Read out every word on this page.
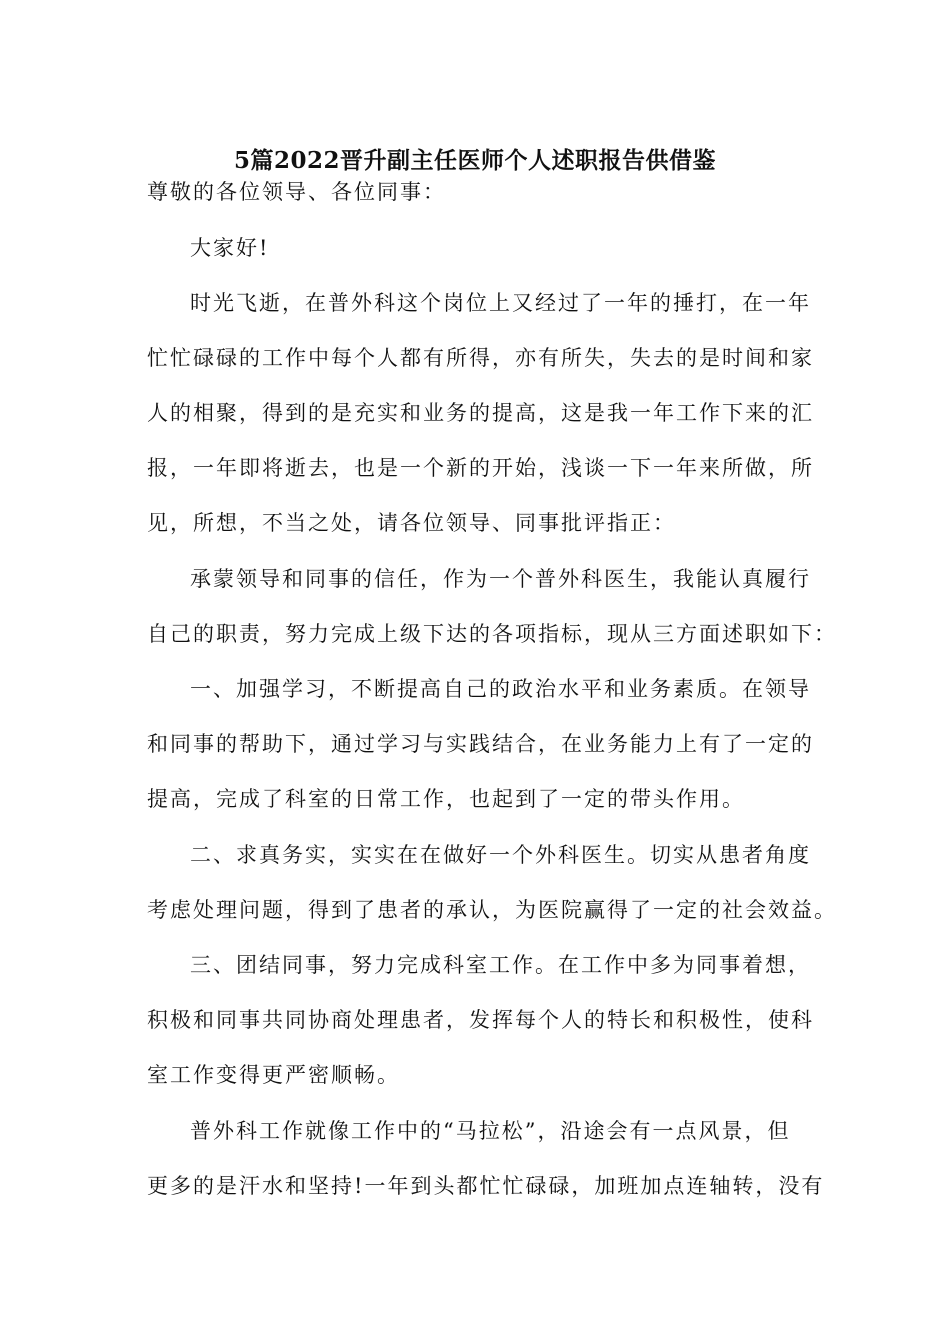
5篇2022晋升副主任医师个人述职报告供借鉴
尊敬的各位领导、各位同事：
大家好!
时光飞逝，在普外科这个岗位上又经过了一年的捶打，在一年
忙忙碌碌的工作中每个人都有所得，亦有所失，失去的是时间和家
人的相聚，得到的是充实和业务的提高，这是我一年工作下来的汇
报，一年即将逝去，也是一个新的开始，浅谈一下一年来所做，所
见，所想，不当之处，请各位领导、同事批评指正：
承蒙领导和同事的信任，作为一个普外科医生，我能认真履行
自己的职责，努力完成上级下达的各项指标，现从三方面述职如下：
一、加强学习，不断提高自己的政治水平和业务素质。在领导
和同事的帮助下，通过学习与实践结合，在业务能力上有了一定的
提高，完成了科室的日常工作，也起到了一定的带头作用。
二、求真务实，实实在在做好一个外科医生。切实从患者角度
考虑处理问题，得到了患者的承认，为医院赢得了一定的社会效益。
三、团结同事，努力完成科室工作。在工作中多为同事着想，
积极和同事共同协商处理患者，发挥每个人的特长和积极性，使科
室工作变得更严密顺畅。
普外科工作就像工作中的“马拉松”，沿途会有一点风景，但
更多的是汗水和坚持!一年到头都忙忙碌碌，加班加点连轴转，没有
